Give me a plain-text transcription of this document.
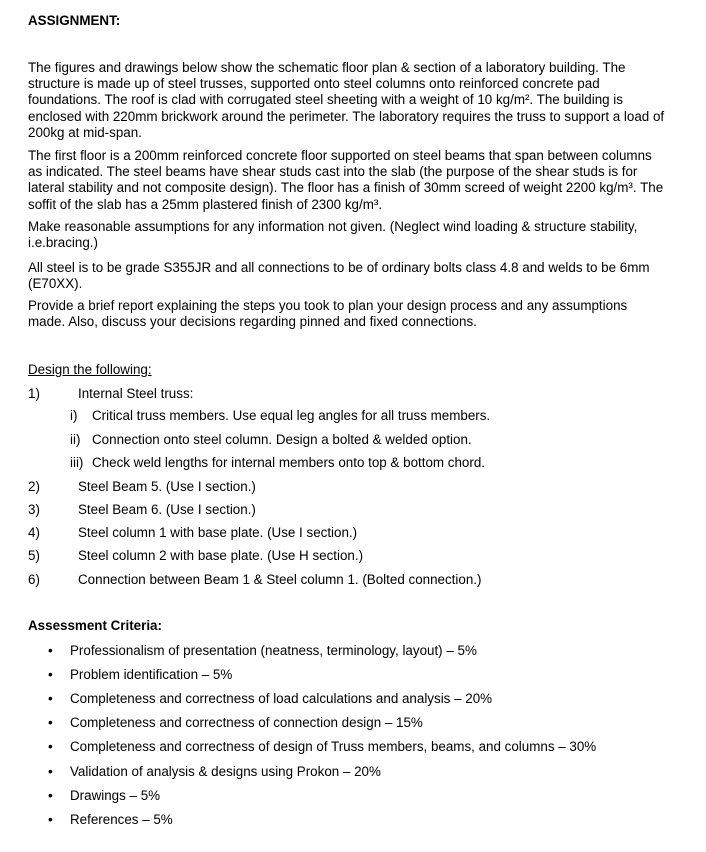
ASSIGNMENT:
The figures and drawings below show the schematic floor plan & section of a laboratory building. The structure is made up of steel trusses, supported onto steel columns onto reinforced concrete pad foundations. The roof is clad with corrugated steel sheeting with a weight of 10 kg/m². The building is enclosed with 220mm brickwork around the perimeter. The laboratory requires the truss to support a load of 200kg at mid-span.
The first floor is a 200mm reinforced concrete floor supported on steel beams that span between columns as indicated. The steel beams have shear studs cast into the slab (the purpose of the shear studs is for lateral stability and not composite design). The floor has a finish of 30mm screed of weight 2200 kg/m³. The soffit of the slab has a 25mm plastered finish of 2300 kg/m³.
Make reasonable assumptions for any information not given. (Neglect wind loading & structure stability, i.e.bracing.)
All steel is to be grade S355JR and all connections to be of ordinary bolts class 4.8 and welds to be 6mm (E70XX).
Provide a brief report explaining the steps you took to plan your design process and any assumptions made. Also, discuss your decisions regarding pinned and fixed connections.
Design the following:
1)	Internal Steel truss:
i) Critical truss members. Use equal leg angles for all truss members.
ii) Connection onto steel column. Design a bolted & welded option.
iii) Check weld lengths for internal members onto top & bottom chord.
2)	Steel Beam 5. (Use I section.)
3)	Steel Beam 6. (Use I section.)
4)	Steel column 1 with base plate. (Use I section.)
5)	Steel column 2 with base plate. (Use H section.)
6)	Connection between Beam 1 & Steel column 1. (Bolted connection.)
Assessment Criteria:
•	Professionalism of presentation (neatness, terminology, layout) – 5%
•	Problem identification – 5%
•	Completeness and correctness of load calculations and analysis – 20%
•	Completeness and correctness of connection design – 15%
•	Completeness and correctness of design of Truss members, beams, and columns – 30%
•	Validation of analysis & designs using Prokon – 20%
•	Drawings – 5%
•	References – 5%
